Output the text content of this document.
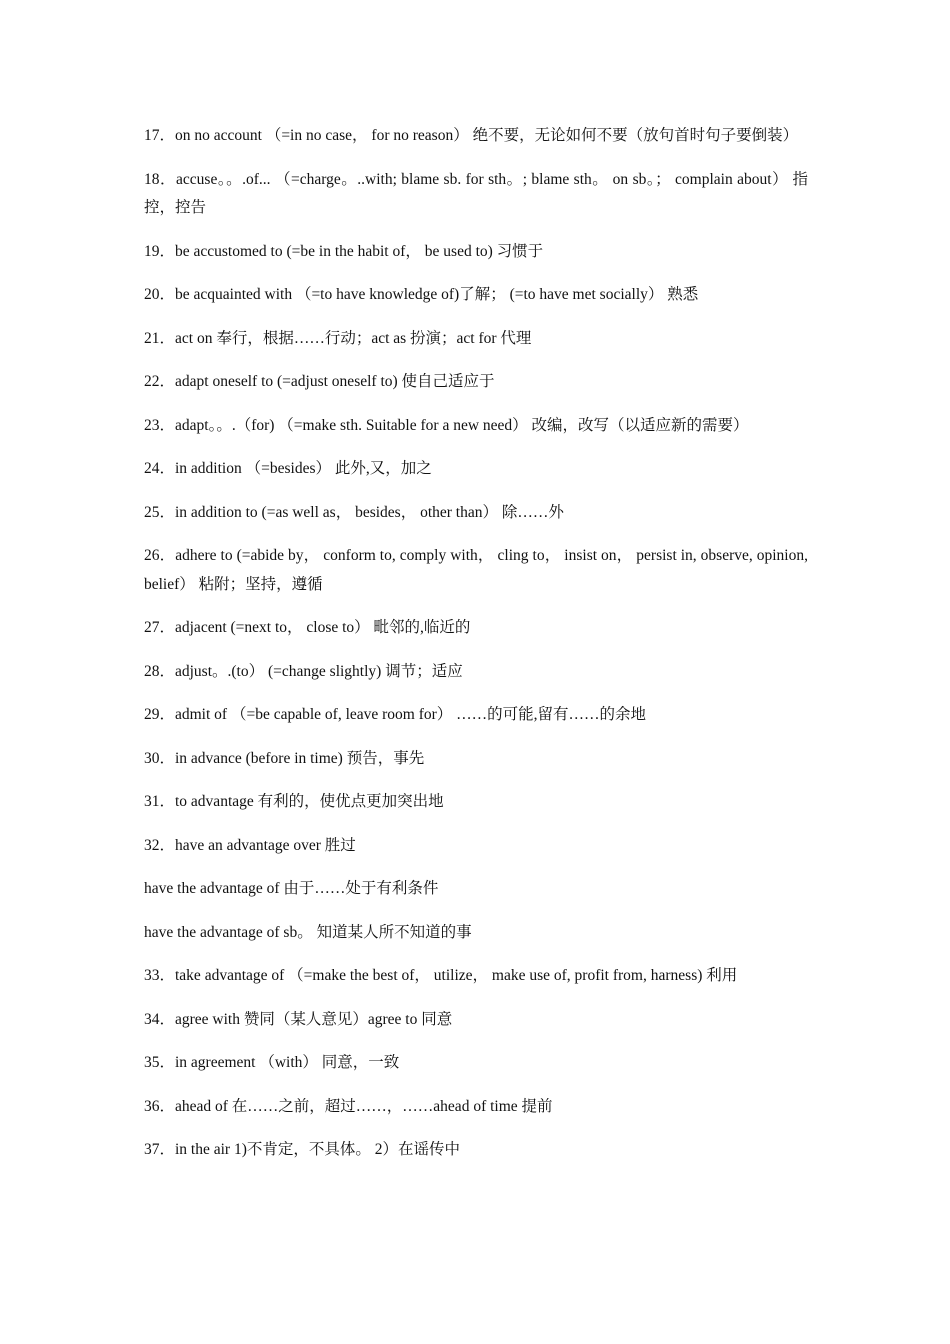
17．on no account （=in no case， for no reason） 绝不要，无论如何不要（放句首时句子要倒装）

18．accuse。。.of... （=charge。..with; blame sb. for sth。; blame sth。 on sb。； complain about） 指控，控告

19．be accustomed to (=be in the habit of， be used to) 习惯于

20．be acquainted with （=to have knowledge of)了解； (=to have met socially） 熟悉

21．act on 奉行，根据……行动；act as 扮演；act for 代理

22．adapt oneself to (=adjust oneself to) 使自己适应于

23．adapt。。.（for) （=make sth. Suitable for a new need） 改编，改写（以适应新的需要）

24．in addition （=besides） 此外,又，加之

25．in addition to (=as well as， besides， other than） 除……外

26．adhere to (=abide by， conform to, comply with， cling to， insist on， persist in, observe, opinion, belief） 粘附；坚持，遵循

27．adjacent (=next to， close to） 毗邻的,临近的

28．adjust。.(to） (=change slightly) 调节；适应

29．admit of （=be capable of, leave room for） ……的可能,留有……的余地

30．in advance (before in time) 预告，事先

31．to advantage 有利的，使优点更加突出地

32．have an advantage over 胜过

have the advantage of 由于……处于有利条件

have the advantage of sb。 知道某人所不知道的事

33．take advantage of （=make the best of， utilize， make use of, profit from, harness) 利用

34．agree with 赞同（某人意见）agree to 同意

35．in agreement （with） 同意，一致

36．ahead of 在……之前，超过……，……ahead of time 提前

37．in the air 1)不肯定，不具体。 2）在谣传中
